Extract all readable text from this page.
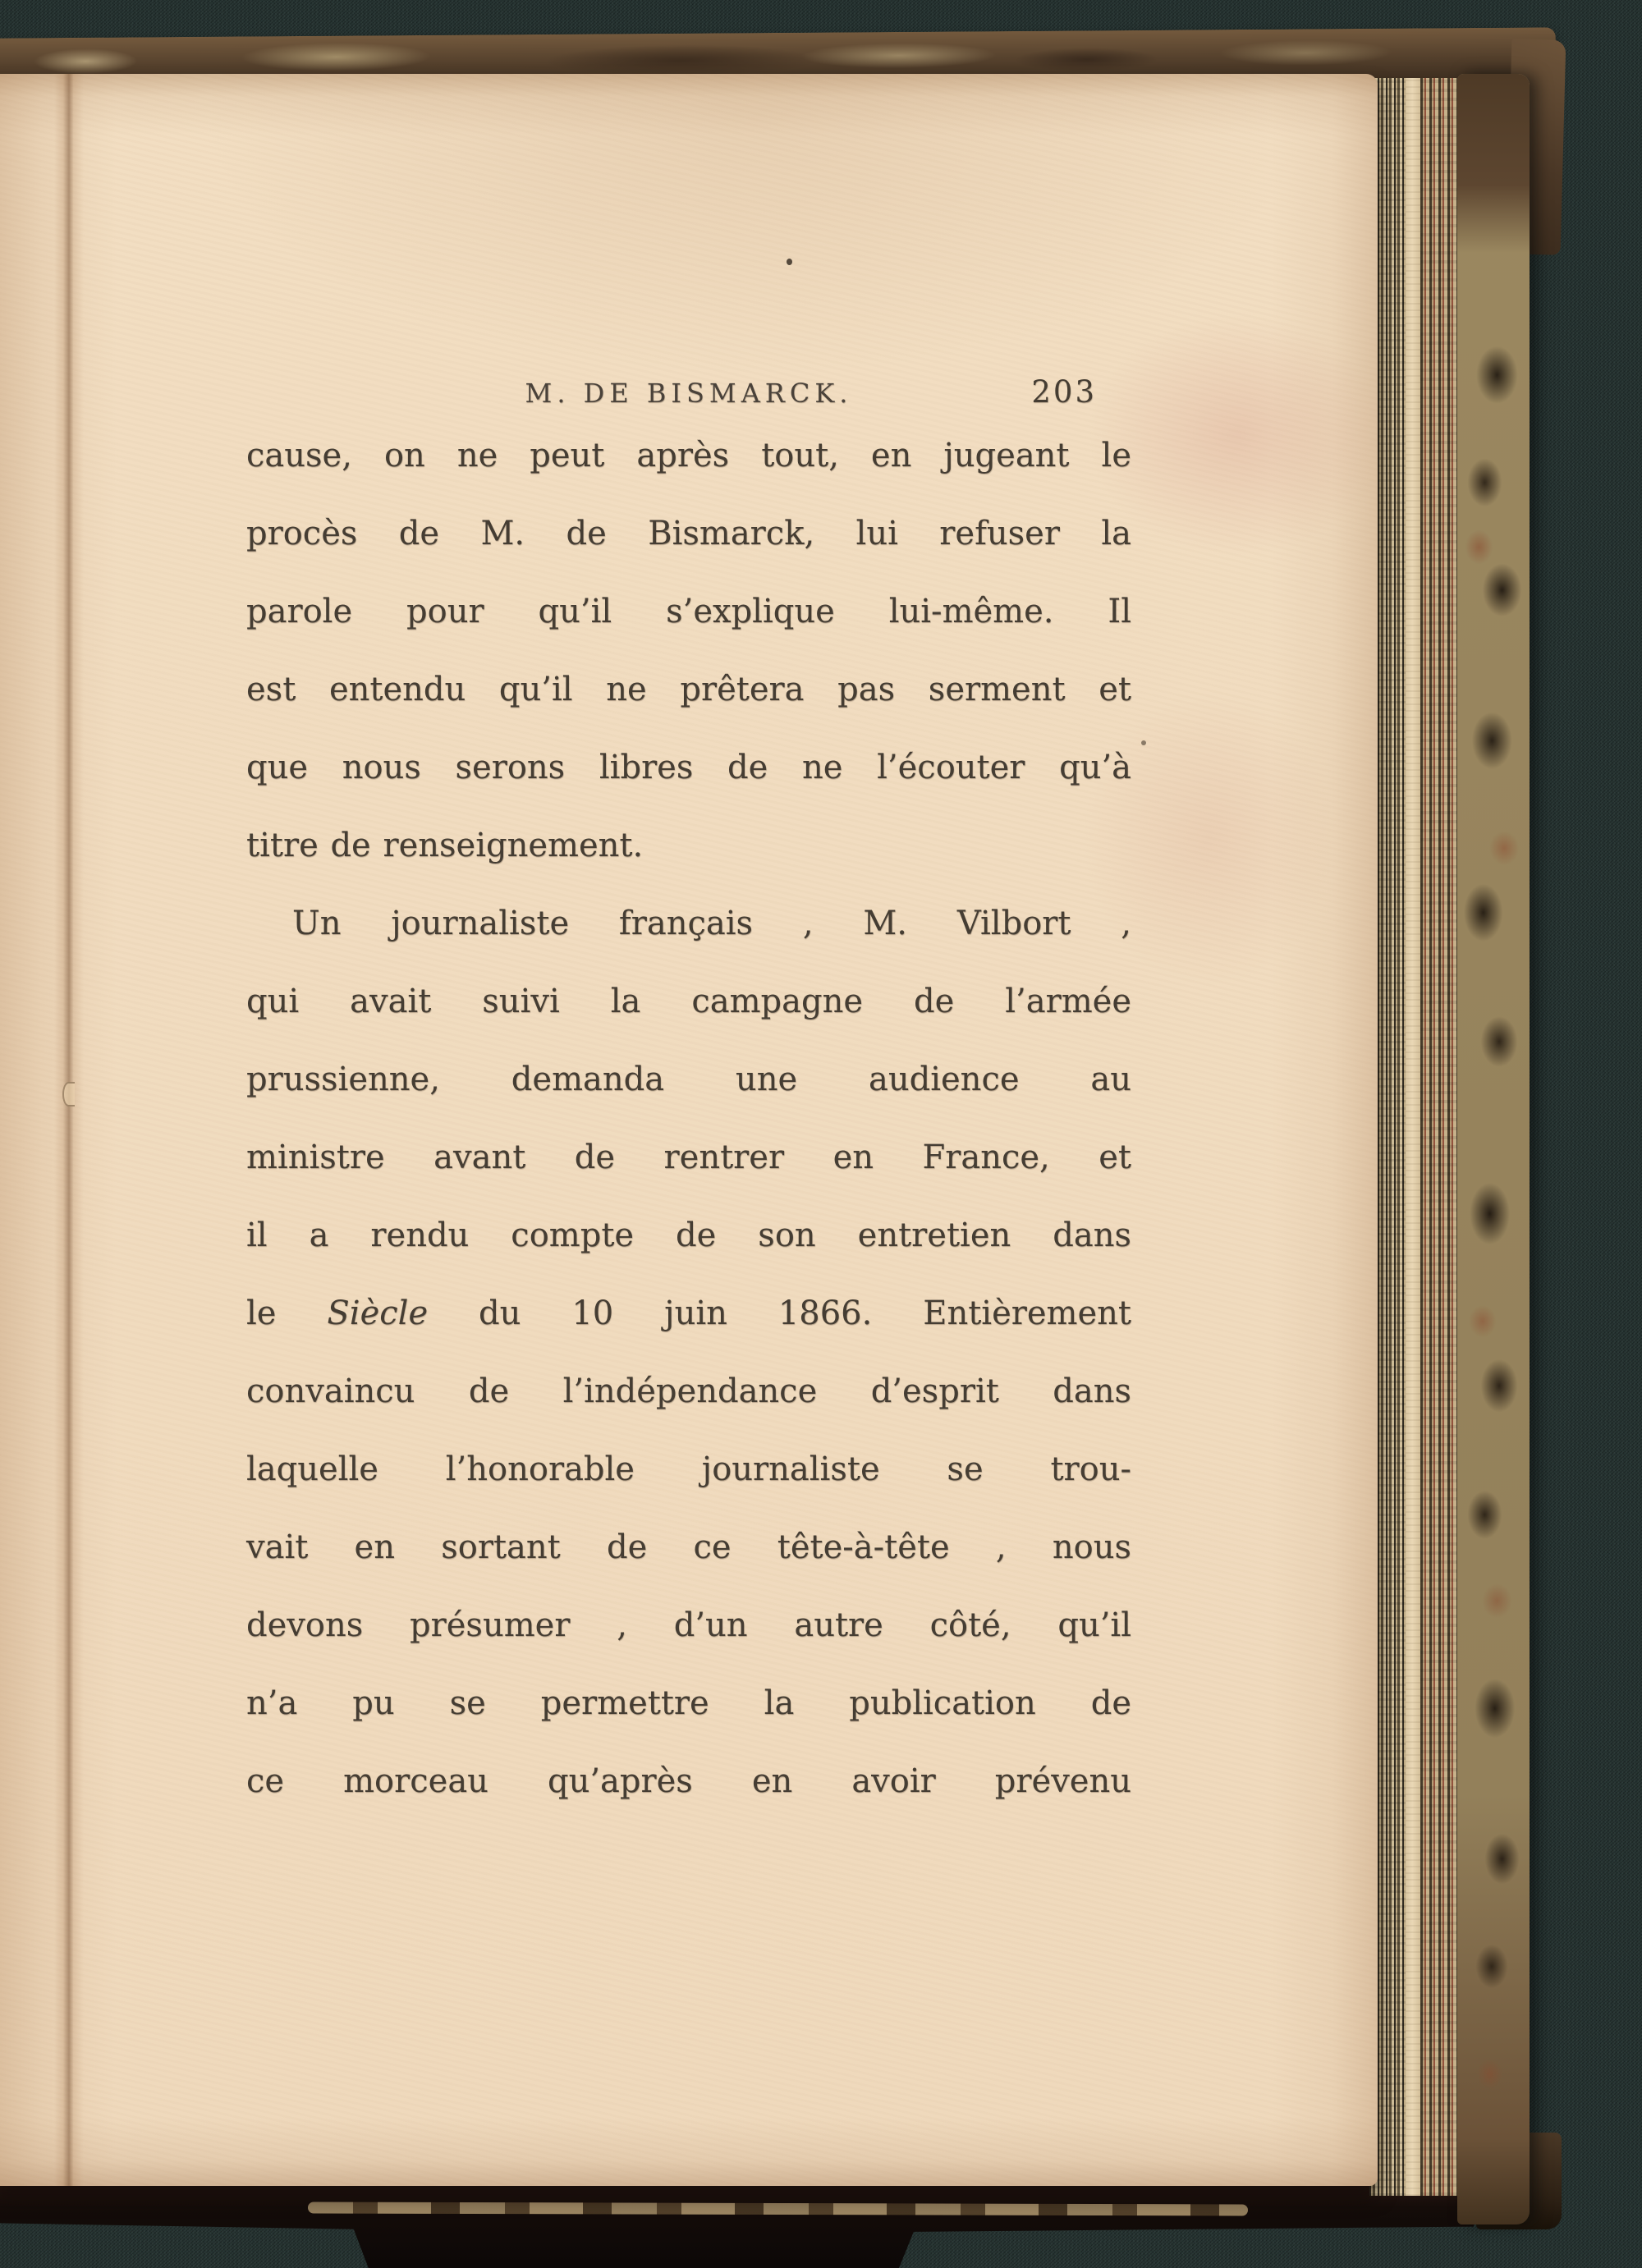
M. DE BISMARCK.	203
cause, on ne peut après tout, en jugeant le
procès de M. de Bismarck, lui refuser la
parole pour qu’il s’explique lui-même. Il
est entendu qu’il ne prêtera pas serment et
que nous serons libres de ne l’écouter qu’à
titre de renseignement.
Un journaliste français , M. Vilbort ,
qui avait suivi la campagne de l’armée
prussienne, demanda une audience au
ministre avant de rentrer en France, et
il a rendu compte de son entretien dans
le Siècle du 10 juin 1866. Entièrement
convaincu de l’indépendance d’esprit dans
laquelle l’honorable journaliste se trou-
vait en sortant de ce tête-à-tête , nous
devons présumer , d’un autre côté, qu’il
n’a pu se permettre la publication de
ce morceau qu’après en avoir prévenu
